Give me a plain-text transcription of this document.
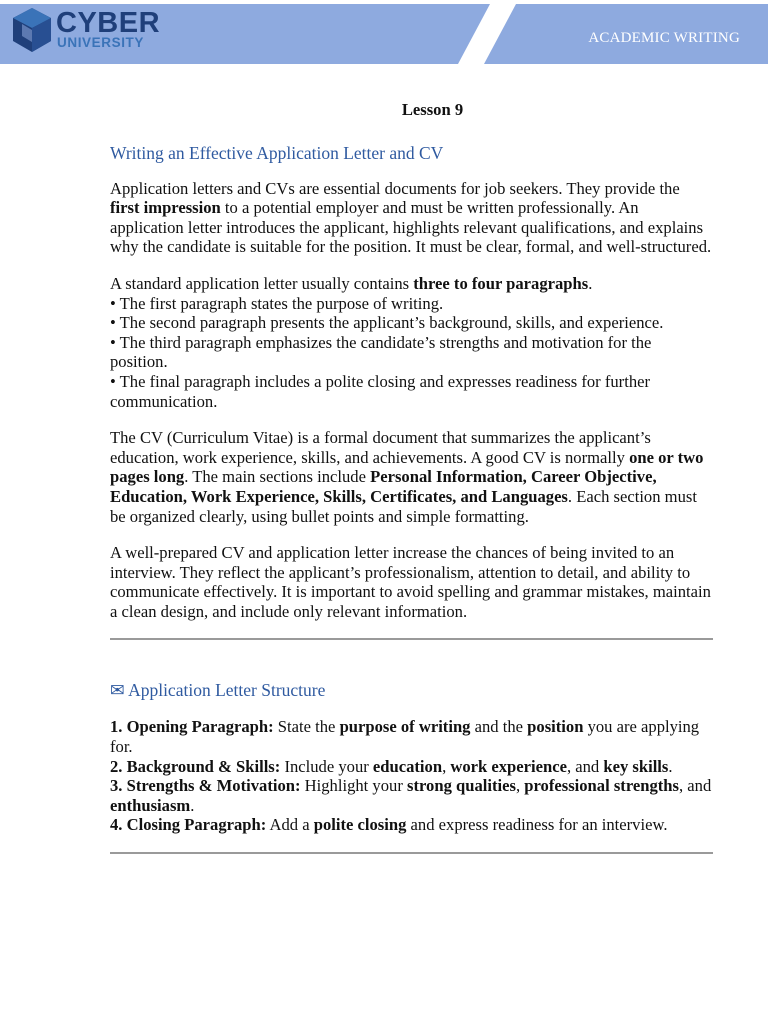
CYBER
UNIVERSITY	ACADEMIC WRITING
Lesson 9
Writing an Effective Application Letter and CV

Application letters and CVs are essential documents for job seekers. They provide the first impression to a potential employer and must be written professionally. An application letter introduces the applicant, highlights relevant qualifications, and explains why the candidate is suitable for the position. It must be clear, formal, and well-structured.

A standard application letter usually contains three to four paragraphs.
• The first paragraph states the purpose of writing.
• The second paragraph presents the applicant’s background, skills, and experience.
• The third paragraph emphasizes the candidate’s strengths and motivation for the position.
• The final paragraph includes a polite closing and expresses readiness for further communication.

The CV (Curriculum Vitae) is a formal document that summarizes the applicant’s education, work experience, skills, and achievements. A good CV is normally one or two pages long. The main sections include Personal Information, Career Objective, Education, Work Experience, Skills, Certificates, and Languages. Each section must be organized clearly, using bullet points and simple formatting.

A well-prepared CV and application letter increase the chances of being invited to an interview. They reflect the applicant’s professionalism, attention to detail, and ability to communicate effectively. It is important to avoid spelling and grammar mistakes, maintain a clean design, and include only relevant information.

✉ Application Letter Structure
1. Opening Paragraph: State the purpose of writing and the position you are applying for.
2. Background & Skills: Include your education, work experience, and key skills.
3. Strengths & Motivation: Highlight your strong qualities, professional strengths, and enthusiasm.
4. Closing Paragraph: Add a polite closing and express readiness for an interview.
